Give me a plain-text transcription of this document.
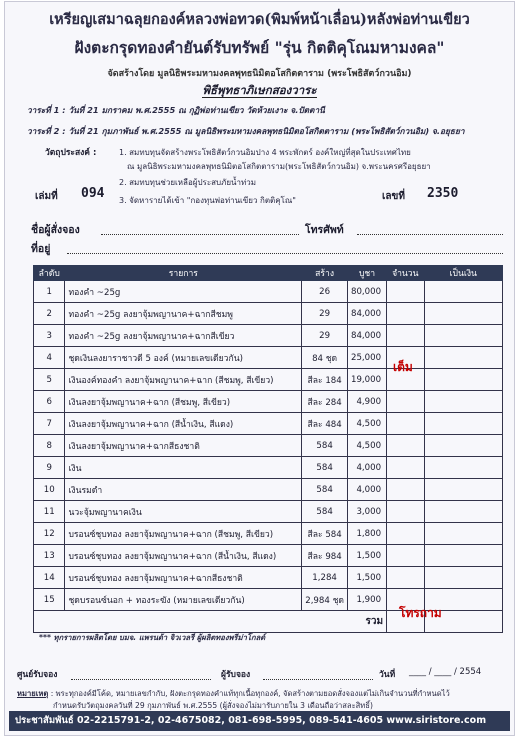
เหรียญเสมาฉลุยกองค์หลวงพ่อทวด(พิมพ์หน้าเลื่อน)หลังพ่อท่านเขียว
ฝังตะกรุดทองคำยันต์รับทรัพย์ "รุ่น กิตติคุโณมหามงคล"
จัดสร้างโดย มูลนิธิพระมหามงคลพุทธนิมิตอโสกิตตาราม (พระโพธิสัตว์กวนอิม)
พิธีพุทธาภิเษกสองวาระ
วาระที่ 1 : วันที่ 21 มกราคม พ.ศ.2555 ณ กุฏิพ่อท่านเขียว วัดห้วยเงาะ จ.ปัตตานี
วาระที่ 2 : วันที่ 21 กุมภาพันธ์ พ.ศ.2555 ณ มูลนิธิพระมหามงคลพุทธนิมิตอโสกิตตาราม (พระโพธิสัตว์กวนอิม) จ.อยุธยา
วัตถุประสงค์ :	1. สมทบทุนจัดสร้างพระโพธิสัตว์กวนอิมปาง 4 พระพักตร์ องค์ใหญ่ที่สุดในประเทศไทย
ณ มูลนิธิพระมหามงคลพุทธนิมิตอโสกิตตาราม(พระโพธิสัตว์กวนอิม) จ.พระนครศรีอยุธยา
2. สมทบทุนช่วยเหลือผู้ประสบภัยน้ำท่วม
3. จัดหารายได้เข้า "กองทุนพ่อท่านเขียว กิตติคุโณ"
เล่มที่ 094	เลขที่ 2350
ชื่อผู้สั่งจอง	โทรศัพท์
ที่อยู่
ลำดับ	รายการ	สร้าง	บูชา	จำนวน	เป็นเงิน
1	ทองคำ ~25g	26	80,000		
2	ทองคำ ~25g ลงยาจุ้มพญานาค+ฉากสีชมพู	29	84,000		
3	ทองคำ ~25g ลงยาจุ้มพญานาค+ฉากสีเขียว	29	84,000		
4	ชุดเงินลงยาราชาวดี 5 องค์ (หมายเลขเดียวกัน)	84 ชุด	25,000		
5	เงินองค์ทองคำ ลงยาจุ้มพญานาค+ฉาก (สีชมพู, สีเขียว)	สีละ 184	19,000		
6	เงินลงยาจุ้มพญานาค+ฉาก (สีชมพู, สีเขียว)	สีละ 284	4,900		
7	เงินลงยาจุ้มพญานาค+ฉาก (สีน้ำเงิน, สีแดง)	สีละ 484	4,500		
8	เงินลงยาจุ้มพญานาค+ฉากสีธงชาติ	584	4,500		
9	เงิน	584	4,000		
10	เงินรมดำ	584	4,000		
11	นวะจุ้มพญานาคเงิน	584	3,000		
12	บรอนซ์ชุบทอง ลงยาจุ้มพญานาค+ฉาก (สีชมพู, สีเขียว)	สีละ 584	1,800		
13	บรอนซ์ชุบทอง ลงยาจุ้มพญานาค+ฉาก (สีน้ำเงิน, สีแดง)	สีละ 984	1,500		
14	บรอนซ์ชุบทอง ลงยาจุ้มพญานาค+ฉากสีธงชาติ	1,284	1,500		
15	ชุดบรอนซ์นอก + ทองระฆัง (หมายเลขเดียวกัน)	2,984 ชุด	1,900		
รวม					
เต็ม
โทรถาม
*** ทุกรายการผลิตโดย บมจ. แพรนด้า จิวเวลรี่ ผู้ผลิตทองพรีม่าโกลด์
ศูนย์รับจอง	ผู้รับจอง	วันที่ ____ / ____ / 2554
หมายเหตุ : พระทุกองค์มีโค้ด, หมายเลขกำกับ, ฝังตะกรุดทองคำแท้ทุกเนื้อทุกองค์, จัดสร้างตามยอดสั่งจองแต่ไม่เกินจำนวนที่กำหนดไว้
กำหนดรับวัตถุมงคลวันที่ 29 กุมภาพันธ์ พ.ศ.2555 (ผู้สั่งจองไม่มารับภายใน 3 เดือนถือว่าสละสิทธิ์)
ประชาสัมพันธ์ 02-2215791-2, 02-4675082, 081-698-5995, 089-541-4605 www.siristore.com
